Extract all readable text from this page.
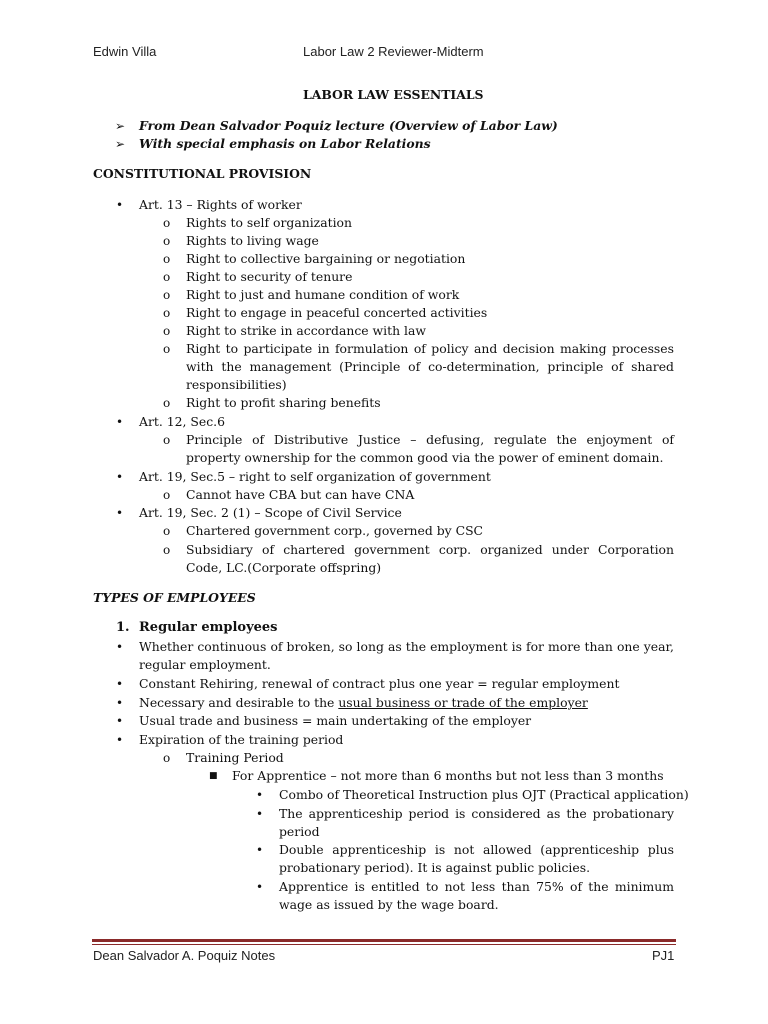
Edwin Villa	Labor Law 2 Reviewer-Midterm
LABOR LAW ESSENTIALS
➢ From Dean Salvador Poquiz lecture (Overview of Labor Law)
➢ With special emphasis on Labor Relations
CONSTITUTIONAL PROVISION
• Art. 13 – Rights of worker
o Rights to self organization
o Rights to living wage
o Right to collective bargaining or negotiation
o Right to security of tenure
o Right to just and humane condition of work
o Right to engage in peaceful concerted activities
o Right to strike in accordance with law
o Right to participate in formulation of policy and decision making processes with the management (Principle of co-determination, principle of shared responsibilities)
o Right to profit sharing benefits
• Art. 12, Sec.6
o Principle of Distributive Justice – defusing, regulate the enjoyment of property ownership for the common good via the power of eminent domain.
• Art. 19, Sec.5 – right to self organization of government
o Cannot have CBA but can have CNA
• Art. 19, Sec. 2 (1) – Scope of Civil Service
o Chartered government corp., governed by CSC
o Subsidiary of chartered government corp. organized under Corporation Code, LC.(Corporate offspring)
TYPES OF EMPLOYEES
1. Regular employees
• Whether continuous of broken, so long as the employment is for more than one year, regular employment.
• Constant Rehiring, renewal of contract plus one year = regular employment
• Necessary and desirable to the usual business or trade of the employer
• Usual trade and business = main undertaking of the employer
• Expiration of the training period
o Training Period
■ For Apprentice – not more than 6 months but not less than 3 months
• Combo of Theoretical Instruction plus OJT (Practical application)
• The apprenticeship period is considered as the probationary period
• Double apprenticeship is not allowed (apprenticeship plus probationary period). It is against public policies.
• Apprentice is entitled to not less than 75% of the minimum wage as issued by the wage board.
Dean Salvador A. Poquiz Notes	PJ1
